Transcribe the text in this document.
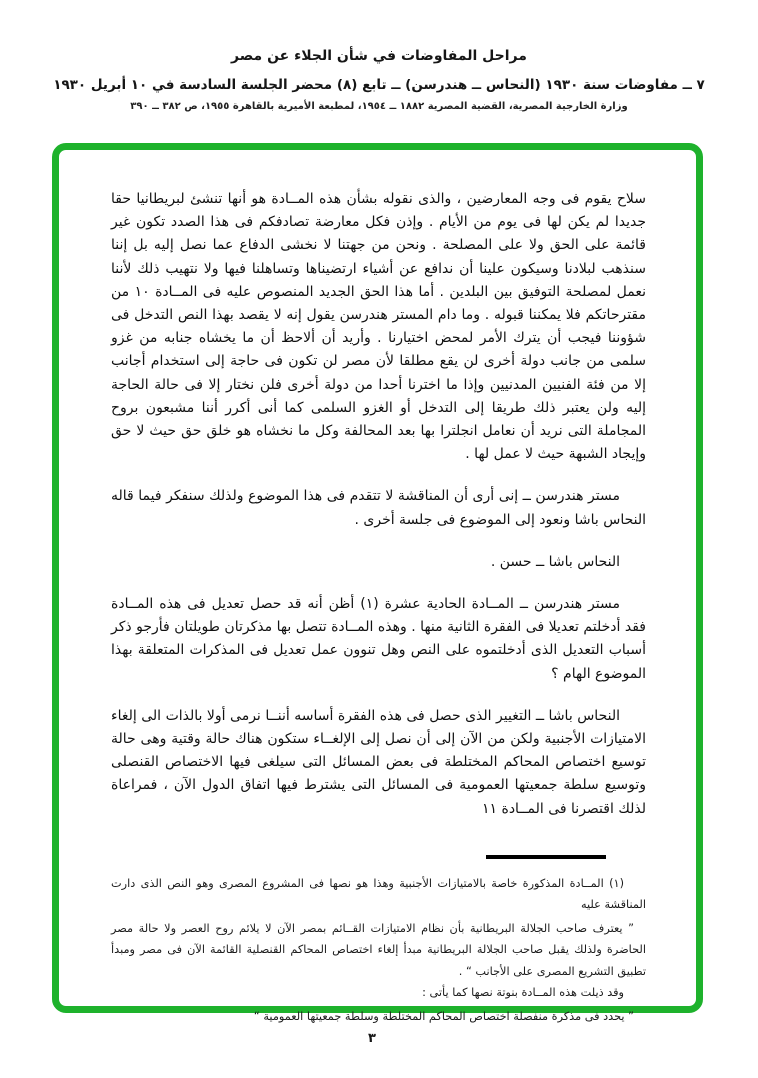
مراحل المفاوضات في شأن الجلاء عن مصر
٧ ــ مفاوضات سنة ١٩٣٠ (النحاس ــ هندرسن) ــ تابع (٨) محضر الجلسة السادسة في ١٠ أبريل ١٩٣٠
وزارة الخارجية المصرية، القضية المصرية ١٨٨٢ ــ ١٩٥٤، لمطبعة الأميرية بالقاهرة ١٩٥٥، ص ٣٨٢ ــ ٣٩٠
سلاح يقوم فى وجه المعارضين ، والذى نقوله بشأن هذه المــادة هو أنها تنشئ لبريطانيا حقا جديدا لم يكن لها فى يوم من الأيام . وإذن فكل معارضة تصادفكم فى هذا الصدد تكون غير قائمة على الحق ولا على المصلحة . ونحن من جهتنا لا نخشى الدفاع عما نصل إليه بل إننا سنذهب لبلادنا وسيكون علينا أن ندافع عن أشياء ارتضيناها وتساهلنا فيها ولا نتهيب ذلك لأننا نعمل لمصلحة التوفيق بين البلدين . أما هذا الحق الجديد المنصوص عليه فى المــادة ١٠ من مقترحاتكم فلا يمكننا قبوله . وما دام المستر هندرسن يقول إنه لا يقصد بهذا النص التدخل فى شؤوننا فيجب أن يترك الأمر لمحض اختيارنا . وأريد أن ألاحظ أن ما يخشاه جنابه من غزو سلمى من جانب دولة أخرى لن يقع مطلقا لأن مصر لن تكون فى حاجة إلى استخدام أجانب إلا من فئة الفنيين المدنيين وإذا ما اخترنا أحدا من دولة أخرى فلن نختار إلا فى حالة الحاجة إليه ولن يعتبر ذلك طريقا إلى التدخل أو الغزو السلمى كما أنى أكرر أننا مشبعون بروح المجاملة التى نريد أن نعامل انجلترا بها بعد المحالفة وكل ما نخشاه هو خلق حق حيث لا حق وإيجاد الشبهة حيث لا عمل لها .
مستر هندرسن ــ إنى أرى أن المناقشة لا تتقدم فى هذا الموضوع ولذلك سنفكر فيما قاله النحاس باشا ونعود إلى الموضوع فى جلسة أخرى .
النحاس باشا ــ حسن .
مستر هندرسن ــ المــادة الحادية عشرة (١) أظن أنه قد حصل تعديل فى هذه المــادة فقد أدخلتم تعديلا فى الفقرة الثانية منها . وهذه المــادة تتصل بها مذكرتان طويلتان فأرجو ذكر أسباب التعديل الذى أدخلتموه على النص وهل تنوون عمل تعديل فى المذكرات المتعلقة بهذا الموضوع الهام ؟
النحاس باشا ــ التغيير الذى حصل فى هذه الفقرة أساسه أننــا نرمى أولا بالذات الى إلغاء الامتيازات الأجنبية ولكن من الآن إلى أن نصل إلى الإلغــاء ستكون هناك حالة وقتية وهى حالة توسيع اختصاص المحاكم المختلطة فى بعض المسائل التى سيلغى فيها الاختصاص القنصلى وتوسيع سلطة جمعيتها العمومية فى المسائل التى يشترط فيها اتفاق الدول الآن ، فمراعاة لذلك اقتصرنا فى المــادة ١١
(١) المــادة المذكورة خاصة بالامتيازات الأجنبية وهذا هو نصها فى المشروع المصرى وهو النص الذى دارت المناقشة عليه
” يعترف صاحب الجلالة البريطانية بأن نظام الامتيازات القــائم بمصر الآن لا يلائم روح العصر ولا حالة مصر الحاضرة ولذلك يقبل صاحب الجلالة البريطانية مبدأ إلغاء اختصاص المحاكم القنصلية القائمة الآن فى مصر ومبدأ تطبيق التشريع المصرى على الأجانب “ .
وقد ذيلت هذه المــادة بنوتة نصها كما يأتى :
” يحدد فى مذكرة منفصلة اختصاص المحاكم المختلطة وسلطة جمعيتها العمومية “
٣
